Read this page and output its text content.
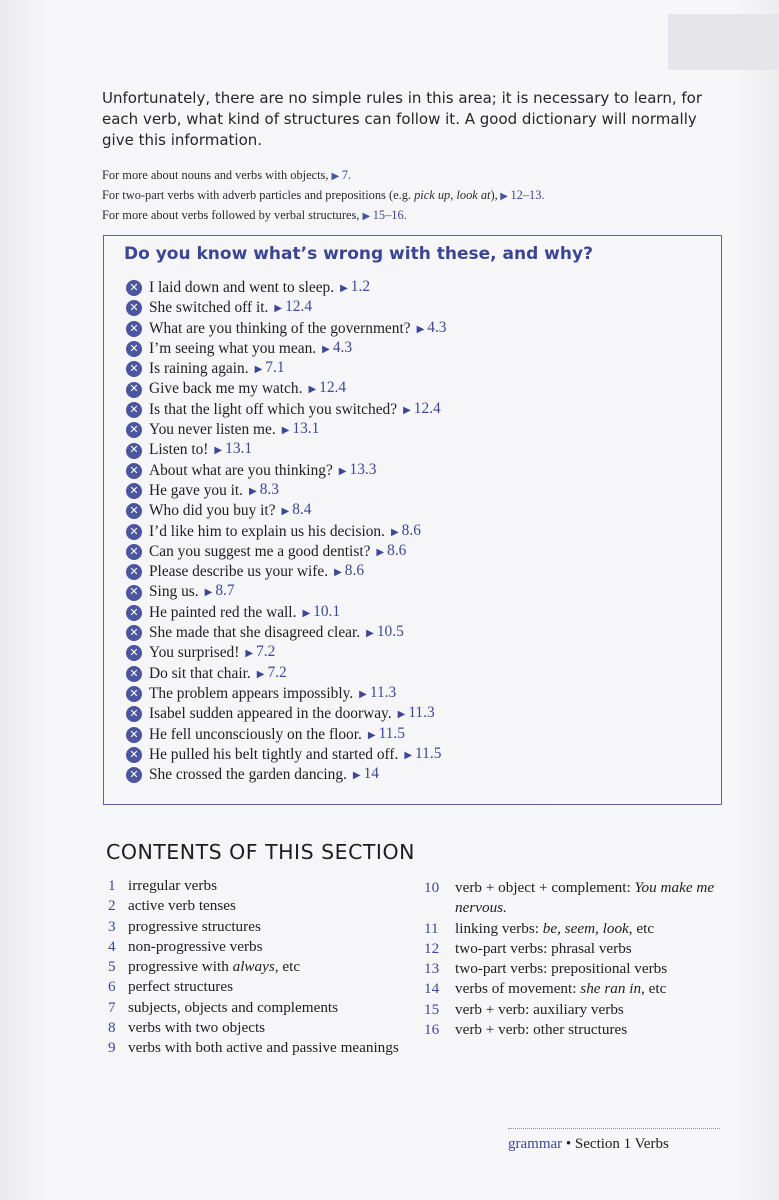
Unfortunately, there are no simple rules in this area; it is necessary to learn, for each verb, what kind of structures can follow it. A good dictionary will normally give this information.

For more about nouns and verbs with objects, ▶ 7.
For two-part verbs with adverb particles and prepositions (e.g. pick up, look at), ▶ 12–13.
For more about verbs followed by verbal structures, ▶ 15–16.
Do you know what’s wrong with these, and why?
✕ I laid down and went to sleep. ▶ 1.2
✕ She switched off it. ▶ 12.4
✕ What are you thinking of the government? ▶ 4.3
✕ I’m seeing what you mean. ▶ 4.3
✕ Is raining again. ▶ 7.1
✕ Give back me my watch. ▶ 12.4
✕ Is that the light off which you switched? ▶ 12.4
✕ You never listen me. ▶ 13.1
✕ Listen to! ▶ 13.1
✕ About what are you thinking? ▶ 13.3
✕ He gave you it. ▶ 8.3
✕ Who did you buy it? ▶ 8.4
✕ I’d like him to explain us his decision. ▶ 8.6
✕ Can you suggest me a good dentist? ▶ 8.6
✕ Please describe us your wife. ▶ 8.6
✕ Sing us. ▶ 8.7
✕ He painted red the wall. ▶ 10.1
✕ She made that she disagreed clear. ▶ 10.5
✕ You surprised! ▶ 7.2
✕ Do sit that chair. ▶ 7.2
✕ The problem appears impossibly. ▶ 11.3
✕ Isabel sudden appeared in the doorway. ▶ 11.3
✕ He fell unconsciously on the floor. ▶ 11.5
✕ He pulled his belt tightly and started off. ▶ 11.5
✕ She crossed the garden dancing. ▶ 14
CONTENTS OF THIS SECTION
1 irregular verbs
2 active verb tenses
3 progressive structures
4 non-progressive verbs
5 progressive with always, etc
6 perfect structures
7 subjects, objects and complements
8 verbs with two objects
9 verbs with both active and passive meanings
10	verb + object + complement: You make me nervous.
11	linking verbs: be, seem, look, etc
12	two-part verbs: phrasal verbs
13	two-part verbs: prepositional verbs
14	verbs of movement: she ran in, etc
15	verb + verb: auxiliary verbs
16	verb + verb: other structures
grammar • Section 1 Verbs
